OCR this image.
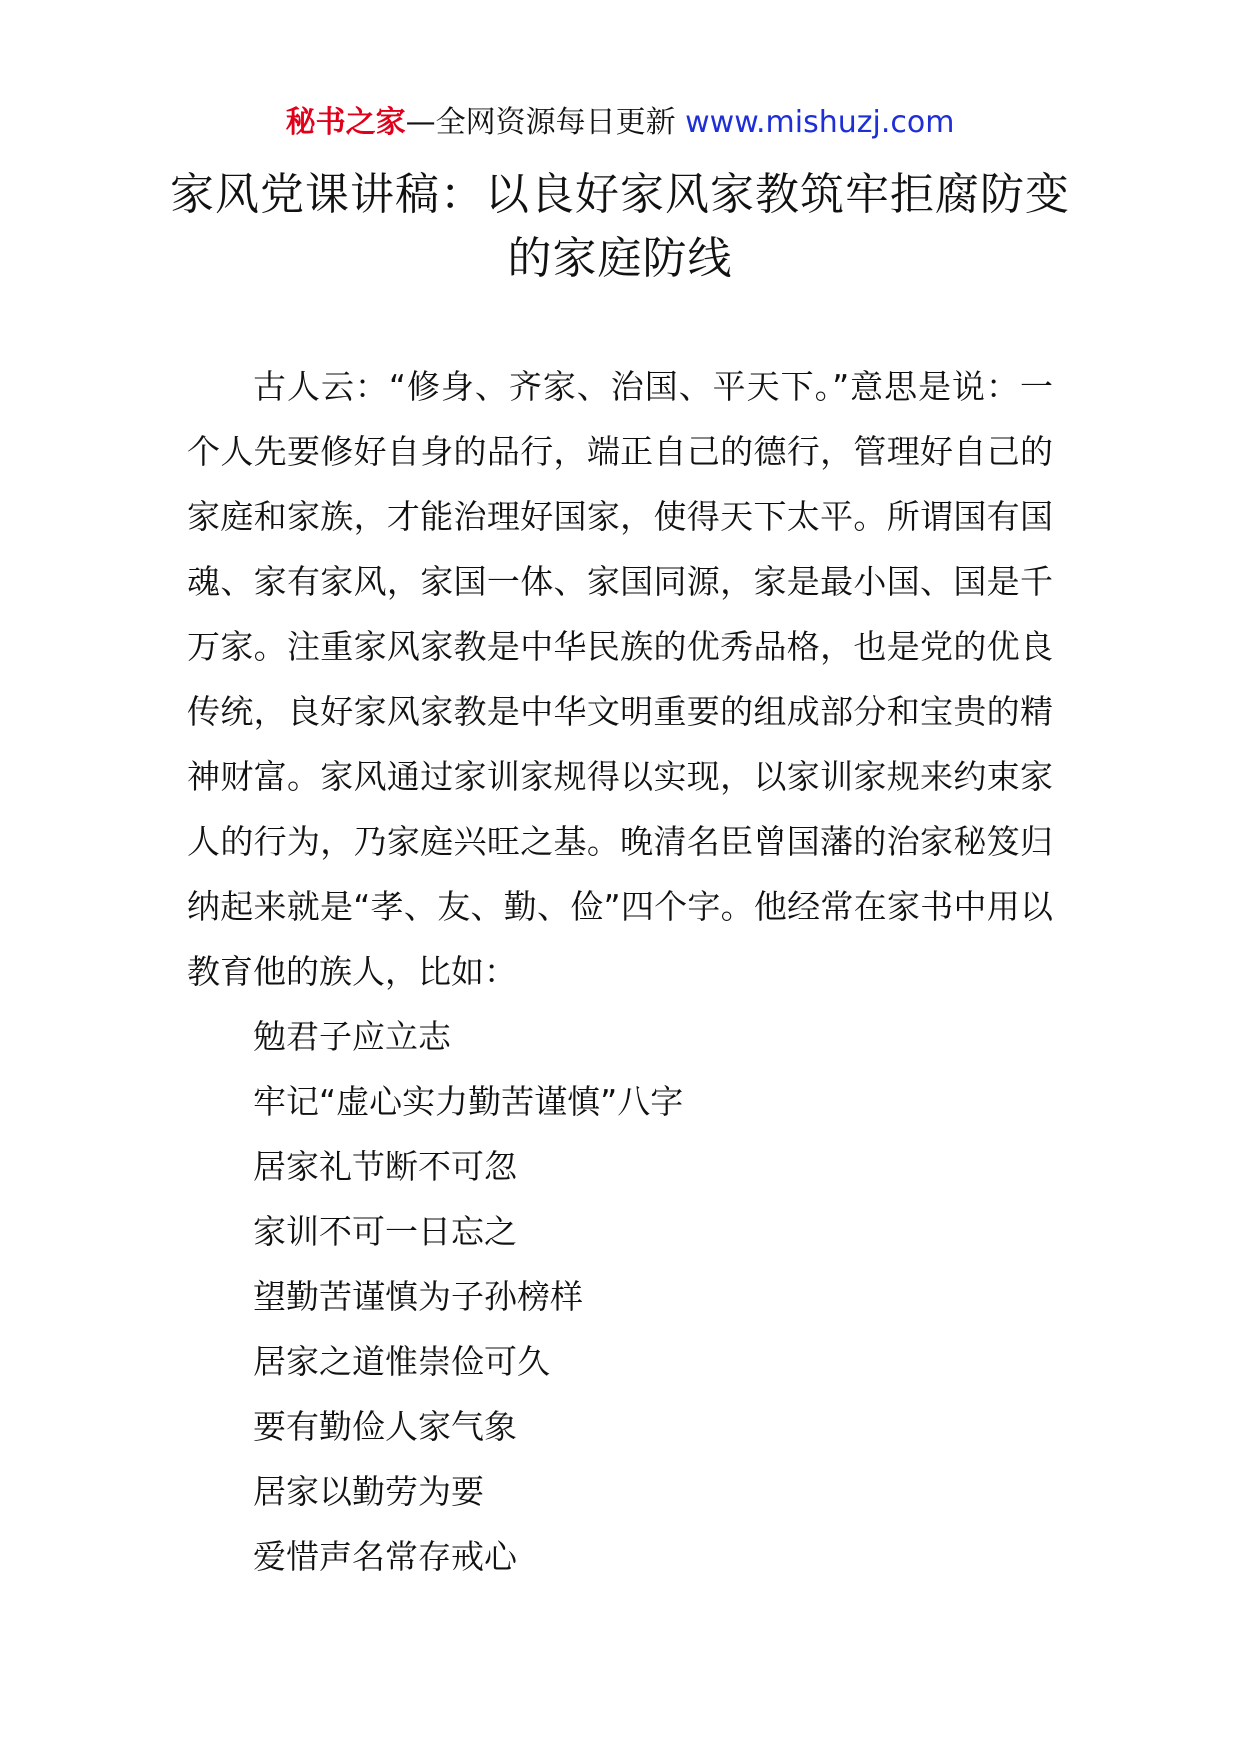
秘书之家—全网资源每日更新 www.mishuzj.com
家风党课讲稿：以良好家风家教筑牢拒腐防变的家庭防线

古人云：“修身、齐家、治国、平天下。”意思是说：一个人先要修好自身的品行，端正自己的德行，管理好自己的家庭和家族，才能治理好国家，使得天下太平。所谓国有国魂、家有家风，家国一体、家国同源，家是最小国、国是千万家。注重家风家教是中华民族的优秀品格，也是党的优良传统，良好家风家教是中华文明重要的组成部分和宝贵的精神财富。家风通过家训家规得以实现，以家训家规来约束家人的行为，乃家庭兴旺之基。晚清名臣曾国藩的治家秘笈归纳起来就是“孝、友、勤、俭”四个字。他经常在家书中用以教育他的族人，比如：

勉君子应立志

牢记“虚心实力勤苦谨慎”八字

居家礼节断不可忽

家训不可一日忘之

望勤苦谨慎为子孙榜样

居家之道惟崇俭可久

要有勤俭人家气象

居家以勤劳为要

爱惜声名常存戒心
